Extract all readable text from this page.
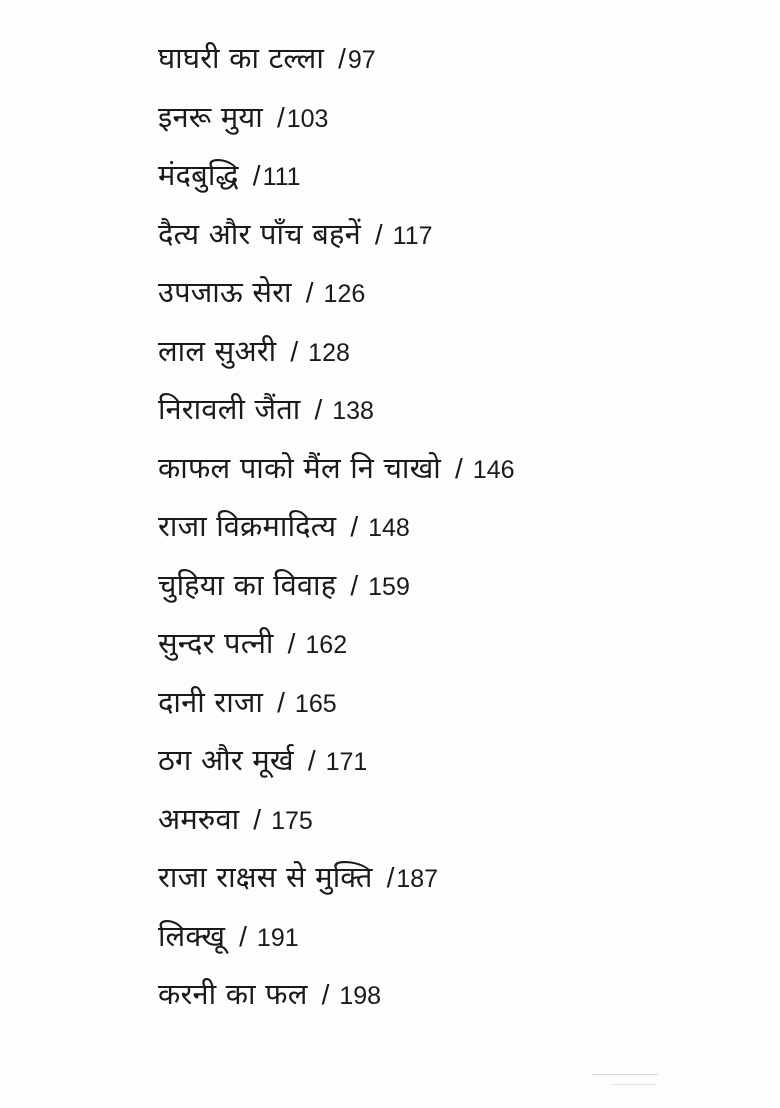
घाघरी का टल्ला /97
इनरू मुया /103
मंदबुद्धि /111
दैत्य और पाँच बहनें / 117
उपजाऊ सेरा / 126
लाल सुअरी / 128
निरावली जैंता / 138
काफल पाको मैंल नि चाखो / 146
राजा विक्रमादित्य / 148
चुहिया का विवाह / 159
सुन्दर पत्नी / 162
दानी राजा / 165
ठग और मूर्ख / 171
अमरुवा / 175
राजा राक्षस से मुक्ति /187
लिक्खू / 191
करनी का फल / 198
